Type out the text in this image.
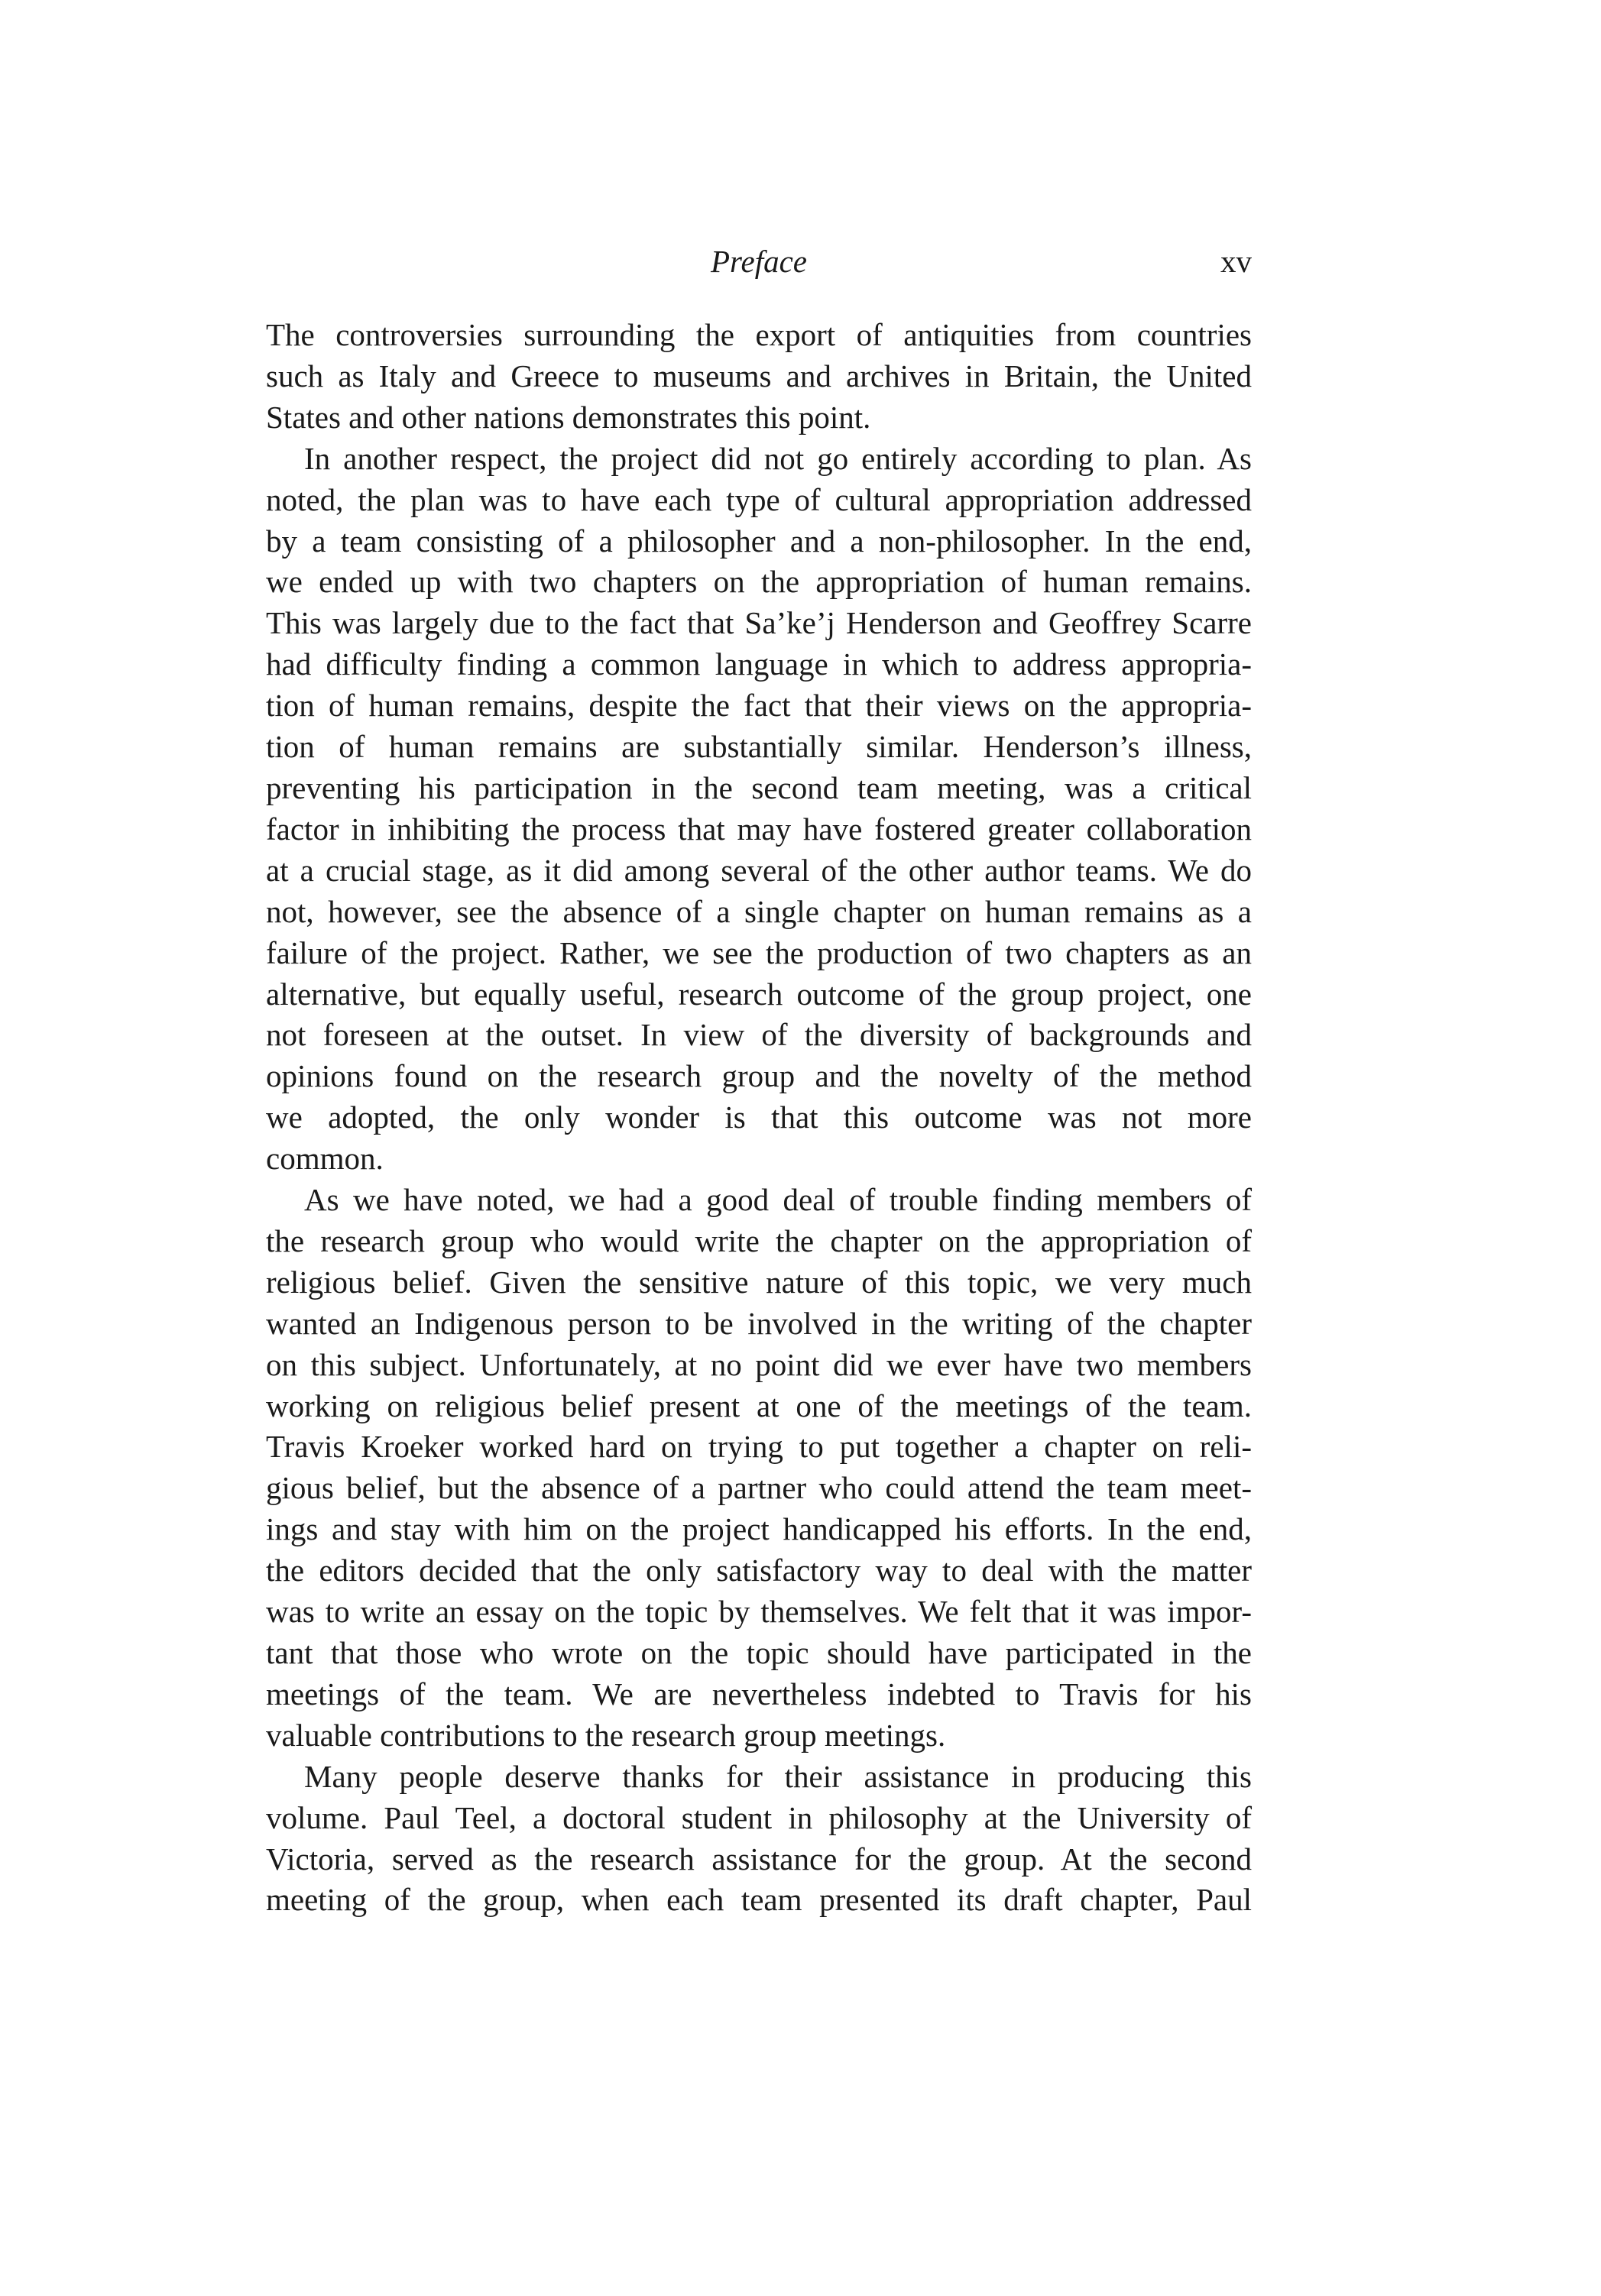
Preface	xv

The controversies surrounding the export of antiquities from countries
such as Italy and Greece to museums and archives in Britain, the United
States and other nations demonstrates this point.

In another respect, the project did not go entirely according to plan. As
noted, the plan was to have each type of cultural appropriation addressed
by a team consisting of a philosopher and a non-philosopher. In the end,
we ended up with two chapters on the appropriation of human remains.
This was largely due to the fact that Sa’ke’j Henderson and Geoffrey Scarre
had difficulty finding a common language in which to address appropria-
tion of human remains, despite the fact that their views on the appropria-
tion of human remains are substantially similar. Henderson’s illness,
preventing his participation in the second team meeting, was a critical
factor in inhibiting the process that may have fostered greater collaboration
at a crucial stage, as it did among several of the other author teams. We do
not, however, see the absence of a single chapter on human remains as a
failure of the project. Rather, we see the production of two chapters as an
alternative, but equally useful, research outcome of the group project, one
not foreseen at the outset. In view of the diversity of backgrounds and
opinions found on the research group and the novelty of the method
we adopted, the only wonder is that this outcome was not more
common.

As we have noted, we had a good deal of trouble finding members of
the research group who would write the chapter on the appropriation of
religious belief. Given the sensitive nature of this topic, we very much
wanted an Indigenous person to be involved in the writing of the chapter
on this subject. Unfortunately, at no point did we ever have two members
working on religious belief present at one of the meetings of the team.
Travis Kroeker worked hard on trying to put together a chapter on reli-
gious belief, but the absence of a partner who could attend the team meet-
ings and stay with him on the project handicapped his efforts. In the end,
the editors decided that the only satisfactory way to deal with the matter
was to write an essay on the topic by themselves. We felt that it was impor-
tant that those who wrote on the topic should have participated in the
meetings of the team. We are nevertheless indebted to Travis for his
valuable contributions to the research group meetings.

Many people deserve thanks for their assistance in producing this
volume. Paul Teel, a doctoral student in philosophy at the University of
Victoria, served as the research assistance for the group. At the second
meeting of the group, when each team presented its draft chapter, Paul
